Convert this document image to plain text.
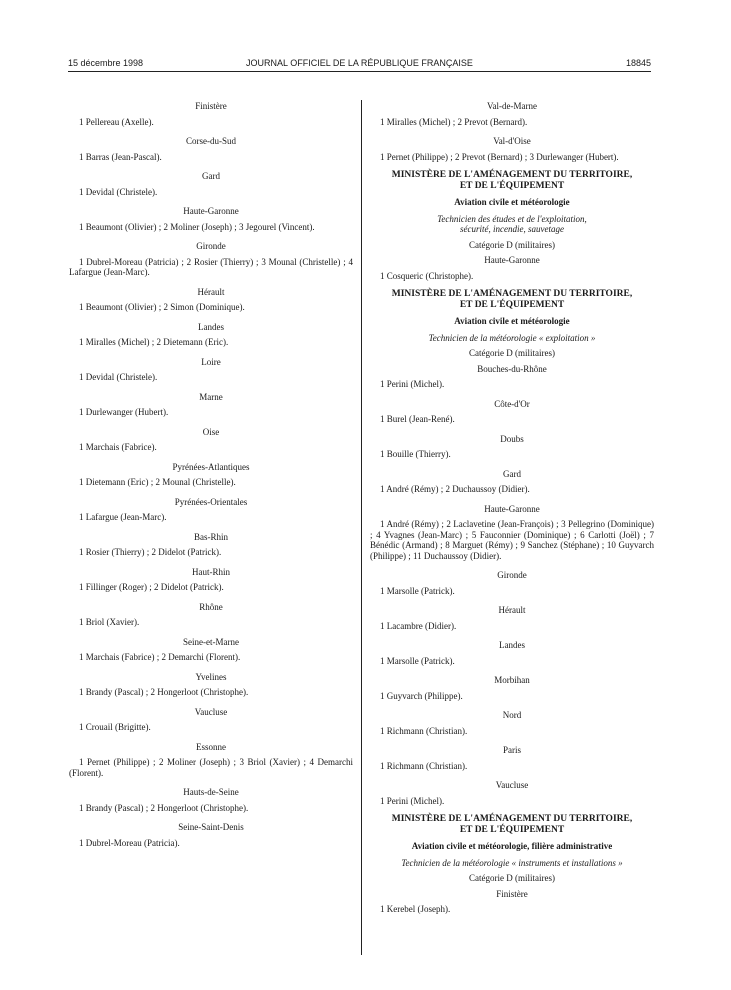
15 décembre 1998	JOURNAL OFFICIEL DE LA RÉPUBLIQUE FRANÇAISE	18845
Finistère
1 Pellereau (Axelle).
Corse-du-Sud
1 Barras (Jean-Pascal).
Gard
1 Devidal (Christele).
Haute-Garonne
1 Beaumont (Olivier) ; 2 Moliner (Joseph) ; 3 Jegourel (Vincent).
Gironde
1 Dubrel-Moreau (Patricia) ; 2 Rosier (Thierry) ; 3 Mounal (Christelle) ; 4 Lafargue (Jean-Marc).
Hérault
1 Beaumont (Olivier) ; 2 Simon (Dominique).
Landes
1 Miralles (Michel) ; 2 Dietemann (Eric).
Loire
1 Devidal (Christele).
Marne
1 Durlewanger (Hubert).
Oise
1 Marchais (Fabrice).
Pyrénées-Atlantiques
1 Dietemann (Eric) ; 2 Mounal (Christelle).
Pyrénées-Orientales
1 Lafargue (Jean-Marc).
Bas-Rhin
1 Rosier (Thierry) ; 2 Didelot (Patrick).
Haut-Rhin
1 Fillinger (Roger) ; 2 Didelot (Patrick).
Rhône
1 Briol (Xavier).
Seine-et-Marne
1 Marchais (Fabrice) ; 2 Demarchi (Florent).
Yvelines
1 Brandy (Pascal) ; 2 Hongerloot (Christophe).
Vaucluse
1 Crouail (Brigitte).
Essonne
1 Pernet (Philippe) ; 2 Moliner (Joseph) ; 3 Briol (Xavier) ; 4 Demarchi (Florent).
Hauts-de-Seine
1 Brandy (Pascal) ; 2 Hongerloot (Christophe).
Seine-Saint-Denis
1 Dubrel-Moreau (Patricia).
Val-de-Marne
1 Miralles (Michel) ; 2 Prevot (Bernard).
Val-d'Oise
1 Pernet (Philippe) ; 2 Prevot (Bernard) ; 3 Durlewanger (Hubert).
MINISTÈRE DE L'AMÉNAGEMENT DU TERRITOIRE,
ET DE L'ÉQUIPEMENT
Aviation civile et météorologie
Technicien des études et de l'exploitation,
sécurité, incendie, sauvetage
Catégorie D (militaires)
Haute-Garonne
1 Cosqueric (Christophe).
MINISTÈRE DE L'AMÉNAGEMENT DU TERRITOIRE,
ET DE L'ÉQUIPEMENT
Aviation civile et météorologie
Technicien de la météorologie « exploitation »
Catégorie D (militaires)
Bouches-du-Rhône
1 Perini (Michel).
Côte-d'Or
1 Burel (Jean-René).
Doubs
1 Bouille (Thierry).
Gard
1 André (Rémy) ; 2 Duchaussoy (Didier).
Haute-Garonne
1 André (Rémy) ; 2 Laclavetine (Jean-François) ; 3 Pellegrino (Dominique) ; 4 Yvagnes (Jean-Marc) ; 5 Fauconnier (Dominique) ; 6 Carlotti (Joël) ; 7 Bénédic (Armand) ; 8 Marguet (Rémy) ; 9 Sanchez (Stéphane) ; 10 Guyvarch (Philippe) ; 11 Duchaussoy (Didier).
Gironde
1 Marsolle (Patrick).
Hérault
1 Lacambre (Didier).
Landes
1 Marsolle (Patrick).
Morbihan
1 Guyvarch (Philippe).
Nord
1 Richmann (Christian).
Paris
1 Richmann (Christian).
Vaucluse
1 Perini (Michel).
MINISTÈRE DE L'AMÉNAGEMENT DU TERRITOIRE,
ET DE L'ÉQUIPEMENT
Aviation civile et météorologie, filière administrative
Technicien de la météorologie « instruments et installations »
Catégorie D (militaires)
Finistère
1 Kerebel (Joseph).
